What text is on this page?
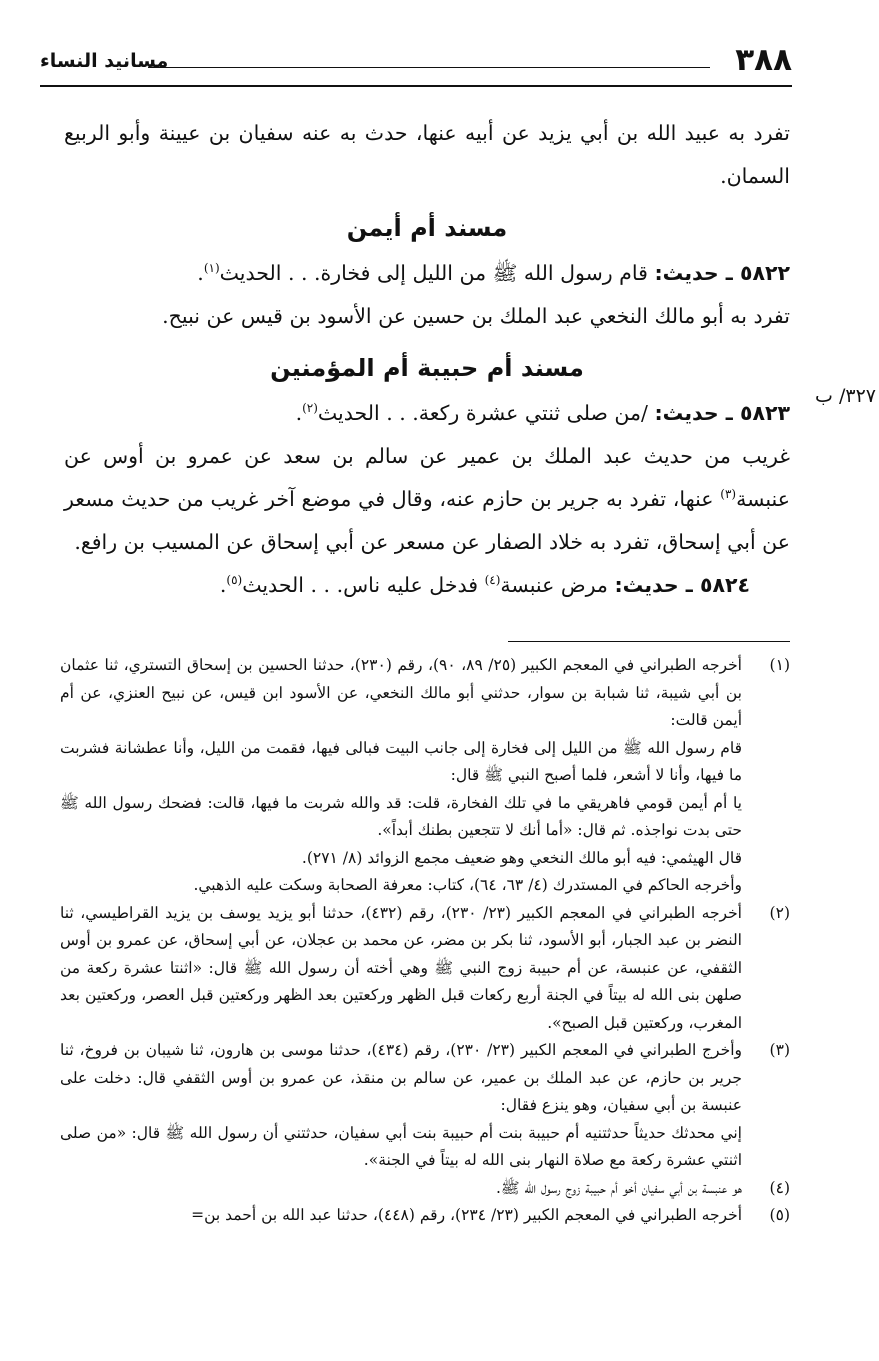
٣٨٨
مسانيد النساء
٣٢٧/ ب

تفرد به عبيد الله بن أبي يزيد عن أبيه عنها، حدث به عنه سفيان بن عيينة وأبو الربيع السمان.

مسند أم أيمن

٥٨٢٢ ـ حديث: قام رسول الله ﷺ من الليل إلى فخارة. . . الحديث$^{(١)}$.

تفرد به أبو مالك النخعي عبد الملك بن حسين عن الأسود بن قيس عن نبيح.

مسند أم حبيبة أم المؤمنين

٥٨٢٣ ـ حديث: /من صلى ثنتي عشرة ركعة. . . الحديث$^{(٢)}$.

غريب من حديث عبد الملك بن عمير عن سالم بن سعد عن عمرو بن أوس عن عنبسة$^{(٣)}$ عنها، تفرد به جرير بن حازم عنه، وقال في موضع آخر غريب من حديث مسعر عن أبي إسحاق، تفرد به خلاد الصفار عن مسعر عن أبي إسحاق عن المسيب بن رافع.

٥٨٢٤ ـ حديث: مرض عنبسة$^{(٤)}$ فدخل عليه ناس. . . الحديث$^{(٥)}$.

(١)

أخرجه الطبراني في المعجم الكبير (٢٥/ ٨٩، ٩٠)، رقم (٢٣٠)، حدثنا الحسين بن إسحاق التستري، ثنا عثمان بن أبي شيبة، ثنا شبابة بن سوار، حدثني أبو مالك النخعي، عن الأسود ابن قيس، عن نبيح العنزي، عن أم أيمن قالت:

قام رسول الله ﷺ من الليل إلى فخارة إلى جانب البيت فبالى فيها، فقمت من الليل، وأنا عطشانة فشربت ما فيها، وأنا لا أشعر، فلما أصبح النبي ﷺ قال:

يا أم أيمن قومي فاهريقي ما في تلك الفخارة، قلت: قد والله شربت ما فيها، قالت: فضحك رسول الله ﷺ حتى بدت نواجذه. ثم قال: «أما أنك لا تتجعين بطنك أبداً».

قال الهيثمي: فيه أبو مالك النخعي وهو ضعيف مجمع الزوائد (٨/ ٢٧١).

وأخرجه الحاكم في المستدرك (٤/ ٦٣، ٦٤)، كتاب: معرفة الصحابة وسكت عليه الذهبي.

(٢)

أخرجه الطبراني في المعجم الكبير (٢٣/ ٢٣٠)، رقم (٤٣٢)، حدثنا أبو يزيد يوسف بن يزيد القراطيسي، ثنا النضر بن عبد الجبار، أبو الأسود، ثنا بكر بن مضر، عن محمد بن عجلان، عن أبي إسحاق، عن عمرو بن أوس الثقفي، عن عنبسة، عن أم حبيبة زوج النبي ﷺ وهي أخته أن رسول الله ﷺ قال: «اثنتا عشرة ركعة من صلهن بنى الله له بيتاً في الجنة أربع ركعات قبل الظهر وركعتين بعد الظهر وركعتين قبل العصر، وركعتين بعد المغرب، وركعتين قبل الصبح».

(٣)

وأخرج الطبراني في المعجم الكبير (٢٣/ ٢٣٠)، رقم (٤٣٤)، حدثنا موسى بن هارون، ثنا شيبان بن فروخ، ثنا جرير بن حازم، عن عبد الملك بن عمير، عن سالم بن منقذ، عن عمرو بن أوس الثقفي قال: دخلت على عنبسة بن أبي سفيان، وهو ينزع فقال:

إني محدثك حديثاً حدثتنيه أم حبيبة بنت أم حبيبة بنت أبي سفيان، حدثتني أن رسول الله ﷺ قال: «من صلى اثنتي عشرة ركعة مع صلاة النهار بنى الله له بيتاً في الجنة».

(٤)

هو عنبسة بن أبي سفيان أخو أم حبيبة زوج رسول الله ﷺ.

(٥)

أخرجه الطبراني في المعجم الكبير (٢٣/ ٢٣٤)، رقم (٤٤٨)، حدثنا عبد الله بن أحمد بن=
